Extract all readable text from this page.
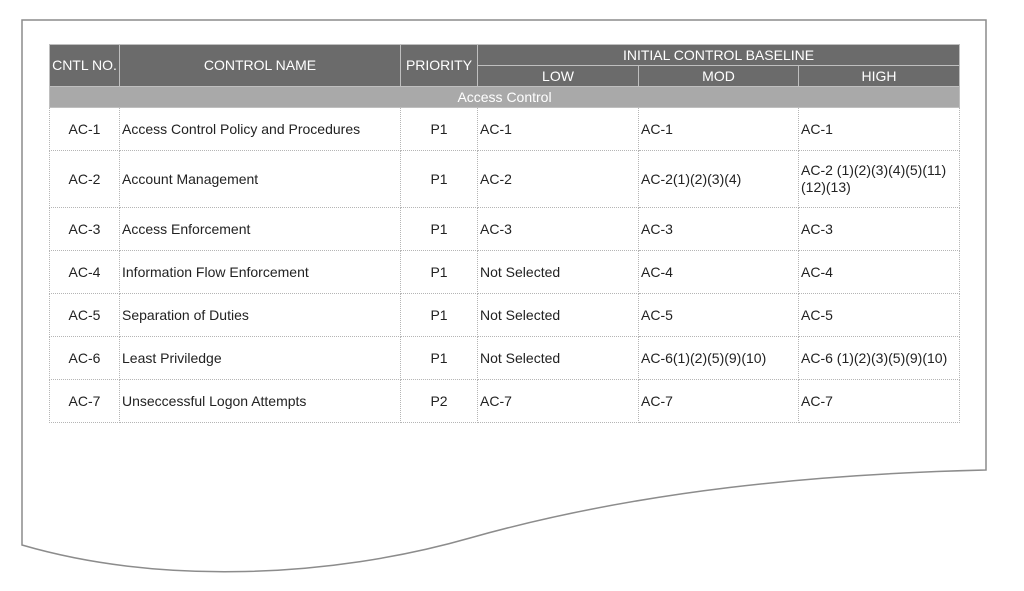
CNTL NO.	CONTROL NAME	PRIORITY	INITIAL CONTROL BASELINE		
			LOW	MOD	HIGH
Access Control					
AC-1	Access Control Policy and Procedures	P1	AC-1	AC-1	AC-1

AC-2	Account Management	P1	AC-2	AC-2(1)(2)(3)(4)	AC-2 (1)(2)(3)(4)(5)(11)(12)(13)

AC-3	Access Enforcement	P1	AC-3	AC-3	AC-3

AC-4	Information Flow Enforcement	P1	Not Selected	AC-4	AC-4

AC-5	Separation of Duties	P1	Not Selected	AC-5	AC-5

AC-6	Least Priviledge	P1	Not Selected	AC-6(1)(2)(5)(9)(10)	AC-6 (1)(2)(3)(5)(9)(10)

AC-7	Unseccessful Logon Attempts	P2	AC-7	AC-7	AC-7
